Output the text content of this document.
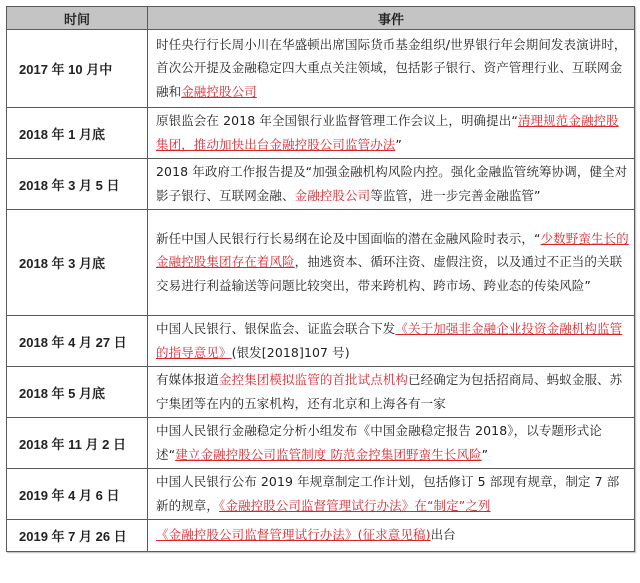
时间	事件
2017 年 10 月中	时任央行行长周小川在华盛顿出席国际货币基金组织/世界银行年会期间发表演讲时，首次公开提及金融稳定四大重点关注领域，包括影子银行、资产管理行业、互联网金融和金融控股公司
2018 年 1 月底	原银监会在 2018 年全国银行业监督管理工作会议上，明确提出“清理规范金融控股集团，推动加快出台金融控股公司监管办法”
2018 年 3 月 5 日	2018 年政府工作报告提及“加强金融机构风险内控。强化金融监管统筹协调，健全对影子银行、互联网金融、金融控股公司等监管，进一步完善金融监管”
2018 年 3 月底	新任中国人民银行行长易纲在论及中国面临的潜在金融风险时表示，“少数野蛮生长的金融控股集团存在着风险，抽逃资本、循环注资、虚假注资，以及通过不正当的关联交易进行利益输送等问题比较突出，带来跨机构、跨市场、跨业态的传染风险”
2018 年 4 月 27 日	中国人民银行、银保监会、证监会联合下发《关于加强非金融企业投资金融机构监管的指导意见》(银发[2018]107 号)
2018 年 5 月底	有媒体报道金控集团模拟监管的首批试点机构已经确定为包括招商局、蚂蚁金服、苏宁集团等在内的五家机构，还有北京和上海各有一家
2018 年 11 月 2 日	中国人民银行金融稳定分析小组发布《中国金融稳定报告 2018》，以专题形式论述“建立金融控股公司监管制度 防范金控集团野蛮生长风险”
2019 年 4 月 6 日	中国人民银行公布 2019 年规章制定工作计划，包括修订 5 部现有规章，制定 7 部新的规章，《金融控股公司监督管理试行办法》在“制定”之列
2019 年 7 月 26 日	《金融控股公司监督管理试行办法》(征求意见稿)出台
